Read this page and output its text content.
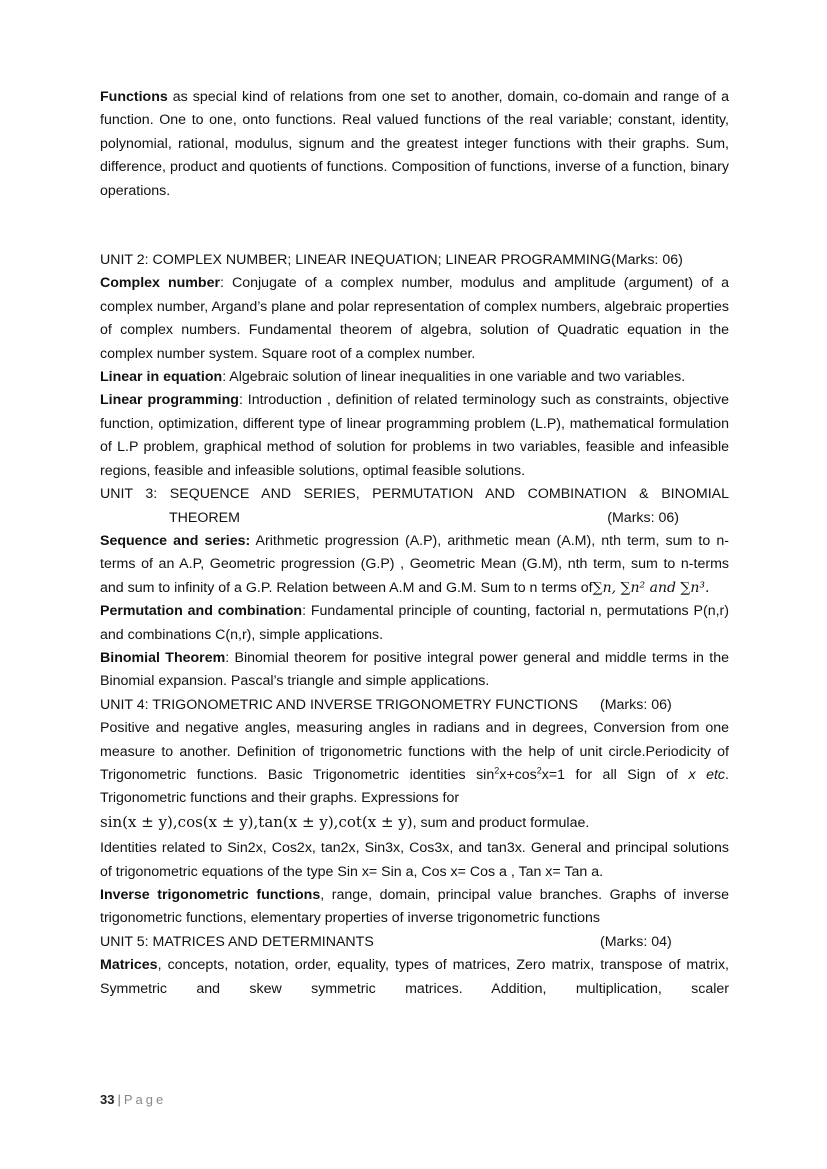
Functions as special kind of relations from one set to another, domain, co-domain and range of a function. One to one, onto functions. Real valued functions of the real variable; constant, identity, polynomial, rational, modulus, signum and the greatest integer functions with their graphs. Sum, difference, product and quotients of functions. Composition of functions, inverse of a function, binary operations.

UNIT 2: COMPLEX NUMBER; LINEAR INEQUATION; LINEAR PROGRAMMING(Marks: 06)

Complex number: Conjugate of a complex number, modulus and amplitude (argument) of a complex number, Argand’s plane and polar representation of complex numbers, algebraic properties of complex numbers. Fundamental theorem of algebra, solution of Quadratic equation in the complex number system. Square root of a complex number.

Linear in equation: Algebraic solution of linear inequalities in one variable and two variables.

Linear programming: Introduction , definition of related terminology such as constraints, objective function, optimization, different type of linear programming problem (L.P), mathematical formulation of L.P problem, graphical method of solution for problems in two variables, feasible and infeasible regions, feasible and infeasible solutions, optimal feasible solutions.

UNIT 3: SEQUENCE AND SERIES, PERMUTATION AND COMBINATION & BINOMIAL

THEOREM	(Marks: 06)

Sequence and series: Arithmetic progression (A.P), arithmetic mean (A.M), nth term, sum to n-terms of an A.P, Geometric progression (G.P) , Geometric Mean (G.M), nth term, sum to n-terms and sum to infinity of a G.P. Relation between A.M and G.M. Sum to n terms of∑n, ∑n² and ∑n³.

Permutation and combination: Fundamental principle of counting, factorial n, permutations P(n,r) and combinations C(n,r), simple applications.

Binomial Theorem: Binomial theorem for positive integral power general and middle terms in the Binomial expansion. Pascal’s triangle and simple applications.

UNIT 4: TRIGONOMETRIC AND INVERSE TRIGONOMETRY FUNCTIONS (Marks: 06)

Positive and negative angles, measuring angles in radians and in degrees, Conversion from one measure to another. Definition of trigonometric functions with the help of unit circle.Periodicity of Trigonometric functions. Basic Trigonometric identities $\sin^2x+\cos^2x=1$ for all Sign of x etc. Trigonometric functions and their graphs. Expressions for
sin(x ± y),cos(x ± y),tan(x ± y),cot(x ± y), sum and product formulae.

Identities related to Sin2x, Cos2x, tan2x, Sin3x, Cos3x, and tan3x. General and principal solutions of trigonometric equations of the type Sin x= Sin a, Cos x= Cos a , Tan x= Tan a.

Inverse trigonometric functions, range, domain, principal value branches. Graphs of inverse trigonometric functions, elementary properties of inverse trigonometric functions

UNIT 5: MATRICES AND DETERMINANTS	(Marks: 04)

Matrices, concepts, notation, order, equality, types of matrices, Zero matrix, transpose of matrix, Symmetric and skew symmetric matrices. Addition, multiplication, scaler

33 | Page
